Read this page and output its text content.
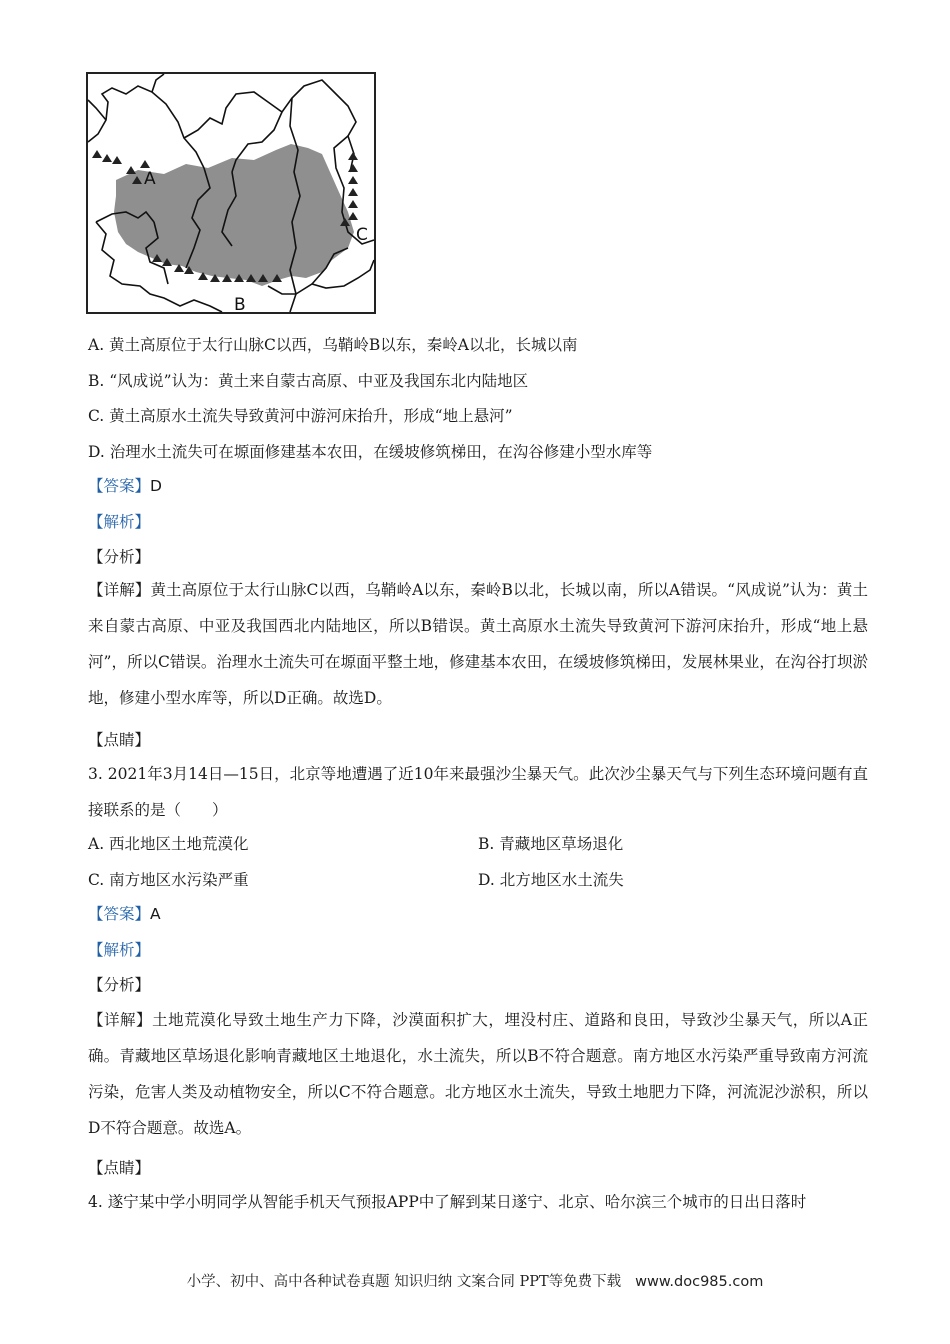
A
B
C
A. 黄土高原位于太行山脉C以西，乌鞘岭B以东，秦岭A以北，长城以南
B. “风成说”认为：黄土来自蒙古高原、中亚及我国东北内陆地区
C. 黄土高原水土流失导致黄河中游河床抬升，形成“地上悬河”
D. 治理水土流失可在塬面修建基本农田，在缓坡修筑梯田，在沟谷修建小型水库等
【答案】D
【解析】
【分析】
【详解】黄土高原位于太行山脉C以西，乌鞘岭A以东，秦岭B以北，长城以南，所以A错误。“风成说”认为：黄土来自蒙古高原、中亚及我国西北内陆地区，所以B错误。黄土高原水土流失导致黄河下游河床抬升，形成“地上悬河”，所以C错误。治理水土流失可在塬面平整土地，修建基本农田，在缓坡修筑梯田，发展林果业，在沟谷打坝淤地，修建小型水库等，所以D正确。故选D。
【点睛】
3. 2021年3月14日—15日，北京等地遭遇了近10年来最强沙尘暴天气。此次沙尘暴天气与下列生态环境问题有直接联系的是（　　）
A. 西北地区土地荒漠化	B. 青藏地区草场退化
C. 南方地区水污染严重	D. 北方地区水土流失
【答案】A
【解析】
【分析】
【详解】土地荒漠化导致土地生产力下降，沙漠面积扩大，埋没村庄、道路和良田，导致沙尘暴天气，所以A正确。青藏地区草场退化影响青藏地区土地退化，水土流失，所以B不符合题意。南方地区水污染严重导致南方河流污染，危害人类及动植物安全，所以C不符合题意。北方地区水土流失，导致土地肥力下降，河流泥沙淤积，所以D不符合题意。故选A。
【点睛】
4. 遂宁某中学小明同学从智能手机天气预报APP中了解到某日遂宁、北京、哈尔滨三个城市的日出日落时
小学、初中、高中各种试卷真题 知识归纳 文案合同 PPT等免费下载 www.doc985.com
